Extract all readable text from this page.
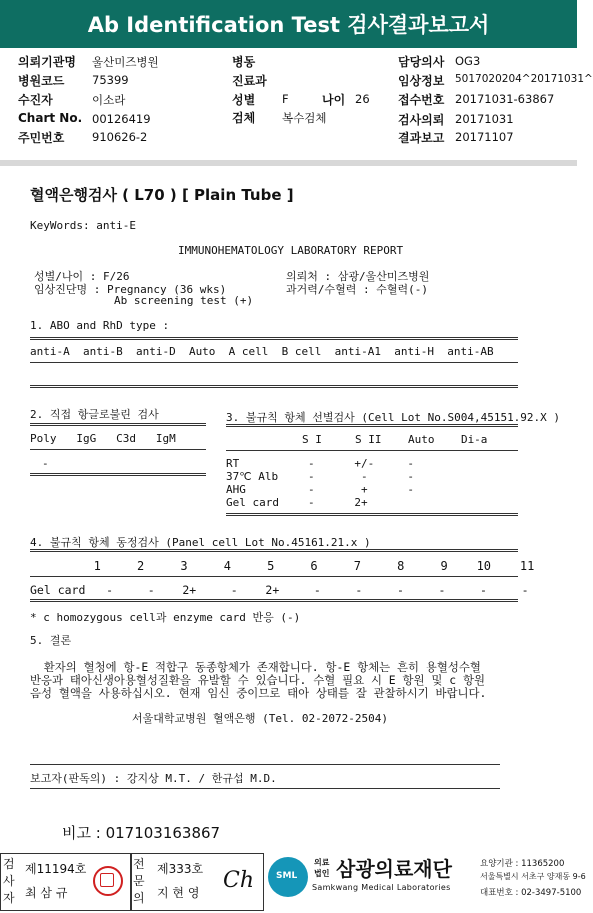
Ab Identification Test 검사결과보고서
의뢰기관명 울산미즈병원
병원코드 75399
수진자	이소라
Chart No. 00126419
주민번호 910626-2
병동
진료과
성별 F	나이 26
검체 복수검체
담당의사 OG3
임상정보 5017020204^20171031^
접수번호 20171031-63867
검사의뢰 20171031
결과보고 20171107
혈액은행검사 ( L70 ) [ Plain Tube ]
KeyWords: anti-E
IMMUNOHEMATOLOGY LABORATORY REPORT
성별/나이 : F/26	의뢰처 : 삼광/울산미즈병원
임상진단명 : Pregnancy (36 wks)	과거력/수혈력 : 수혈력(-)
Ab screening test (+)
1. ABO and RhD type :
anti-A  anti-B  anti-D  Auto  A cell  B cell  anti-A1  anti-H  anti-AB
2. 직접 항글로불린 검사
Poly   IgG   C3d   IgM
-
3. 불규칙 항체 선별검사 (Cell Lot No.S004,45151.92.X )
S I     S II    Auto    Di-a
RT	-      +/-     -
37℃ Alb	-       -      -
AHG	-       +      -
Gel card	-      2+
4. 불규칙 항체 동정검사 (Panel cell Lot No.45161.21.x )
1     2     3     4     5     6     7     8     9    10    11
Gel card   -     -    2+     -    2+     -     -     -     -     -     -
* c homozygous cell과 enzyme card 반응 (-)
5. 결론
환자의 혈청에 항-E 적합구 동종항체가 존재합니다. 항-E 항체는 흔히 용혈성수혈
반응과 태아신생아용혈성질환을 유발할 수 있습니다. 수혈 필요 시 E 항원 및 c 항원
음성 혈액을 사용하십시오. 현재 임신 중이므로 태아 상태를 잘 관찰하시기 바랍니다.
서울대학교병원 혈액은행 (Tel. 02-2072-2504)
보고자(판독의) : 강지상 M.T. / 한규섭 M.D.
비고 : 017103163867
검사자
제11194호
최 삼 규
전문의
제333호
지 현 영 Ch

SML

의료
법인 삼광의료재단
Samkwang Medical Laboratories
요양기관 : 11365200
서울특별시 서초구 양재동 9-6
대표번호 : 02-3497-5100
